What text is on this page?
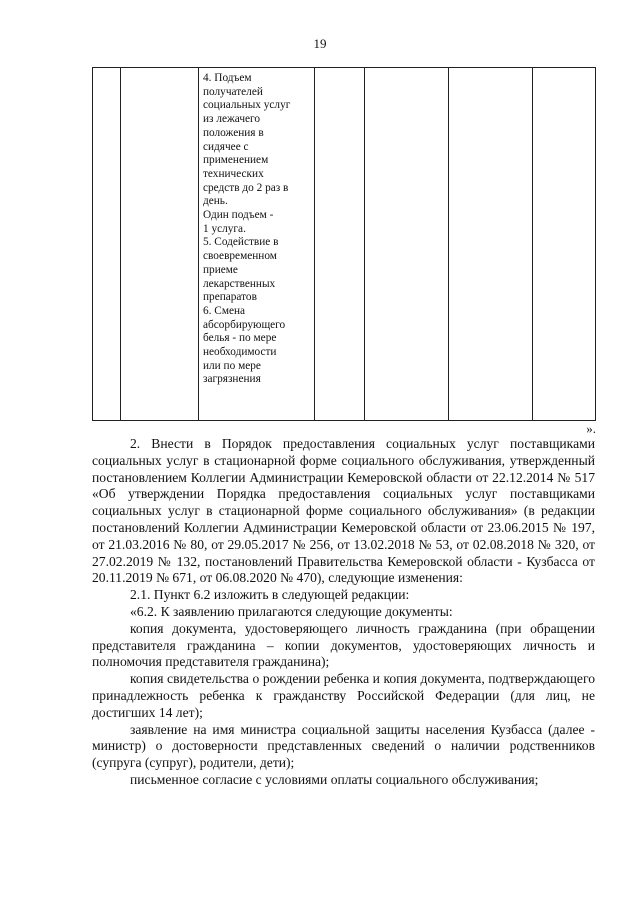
19

4. Подъем
получателей
социальных услуг
из лежачего
положения в
сидячее с
применением
технических
средств до 2 раз в
день.
Один подъем -
1 услуга.
5. Содействие в
своевременном
приеме
лекарственных
препаратов
6. Смена
абсорбирующего
белья - по мере
необходимости
или по мере
загрязнения

».

2. Внести в Порядок предоставления социальных услуг поставщиками социальных услуг в стационарной форме социального обслуживания, утвержденный постановлением Коллегии Администрации Кемеровской области от 22.12.2014 № 517 «Об утверждении Порядка предоставления социальных услуг поставщиками социальных услуг в стационарной форме социального обслуживания» (в редакции постановлений Коллегии Администрации Кемеровской области от 23.06.2015 № 197, от 21.03.2016 № 80, от 29.05.2017 № 256, от 13.02.2018 № 53, от 02.08.2018 № 320, от 27.02.2019 № 132, постановлений Правительства Кемеровской области - Кузбасса от 20.11.2019 № 671, от 06.08.2020 № 470), следующие изменения:

2.1. Пункт 6.2 изложить в следующей редакции:

«6.2. К заявлению прилагаются следующие документы:

копия документа, удостоверяющего личность гражданина (при обращении представителя гражданина – копии документов, удостоверяющих личность и полномочия представителя гражданина);

копия свидетельства о рождении ребенка и копия документа, подтверждающего принадлежность ребенка к гражданству Российской Федерации (для лиц, не достигших 14 лет);

заявление на имя министра социальной защиты населения Кузбасса (далее - министр) о достоверности представленных сведений о наличии родственников (супруга (супруг), родители, дети);

письменное согласие с условиями оплаты социального обслуживания;
